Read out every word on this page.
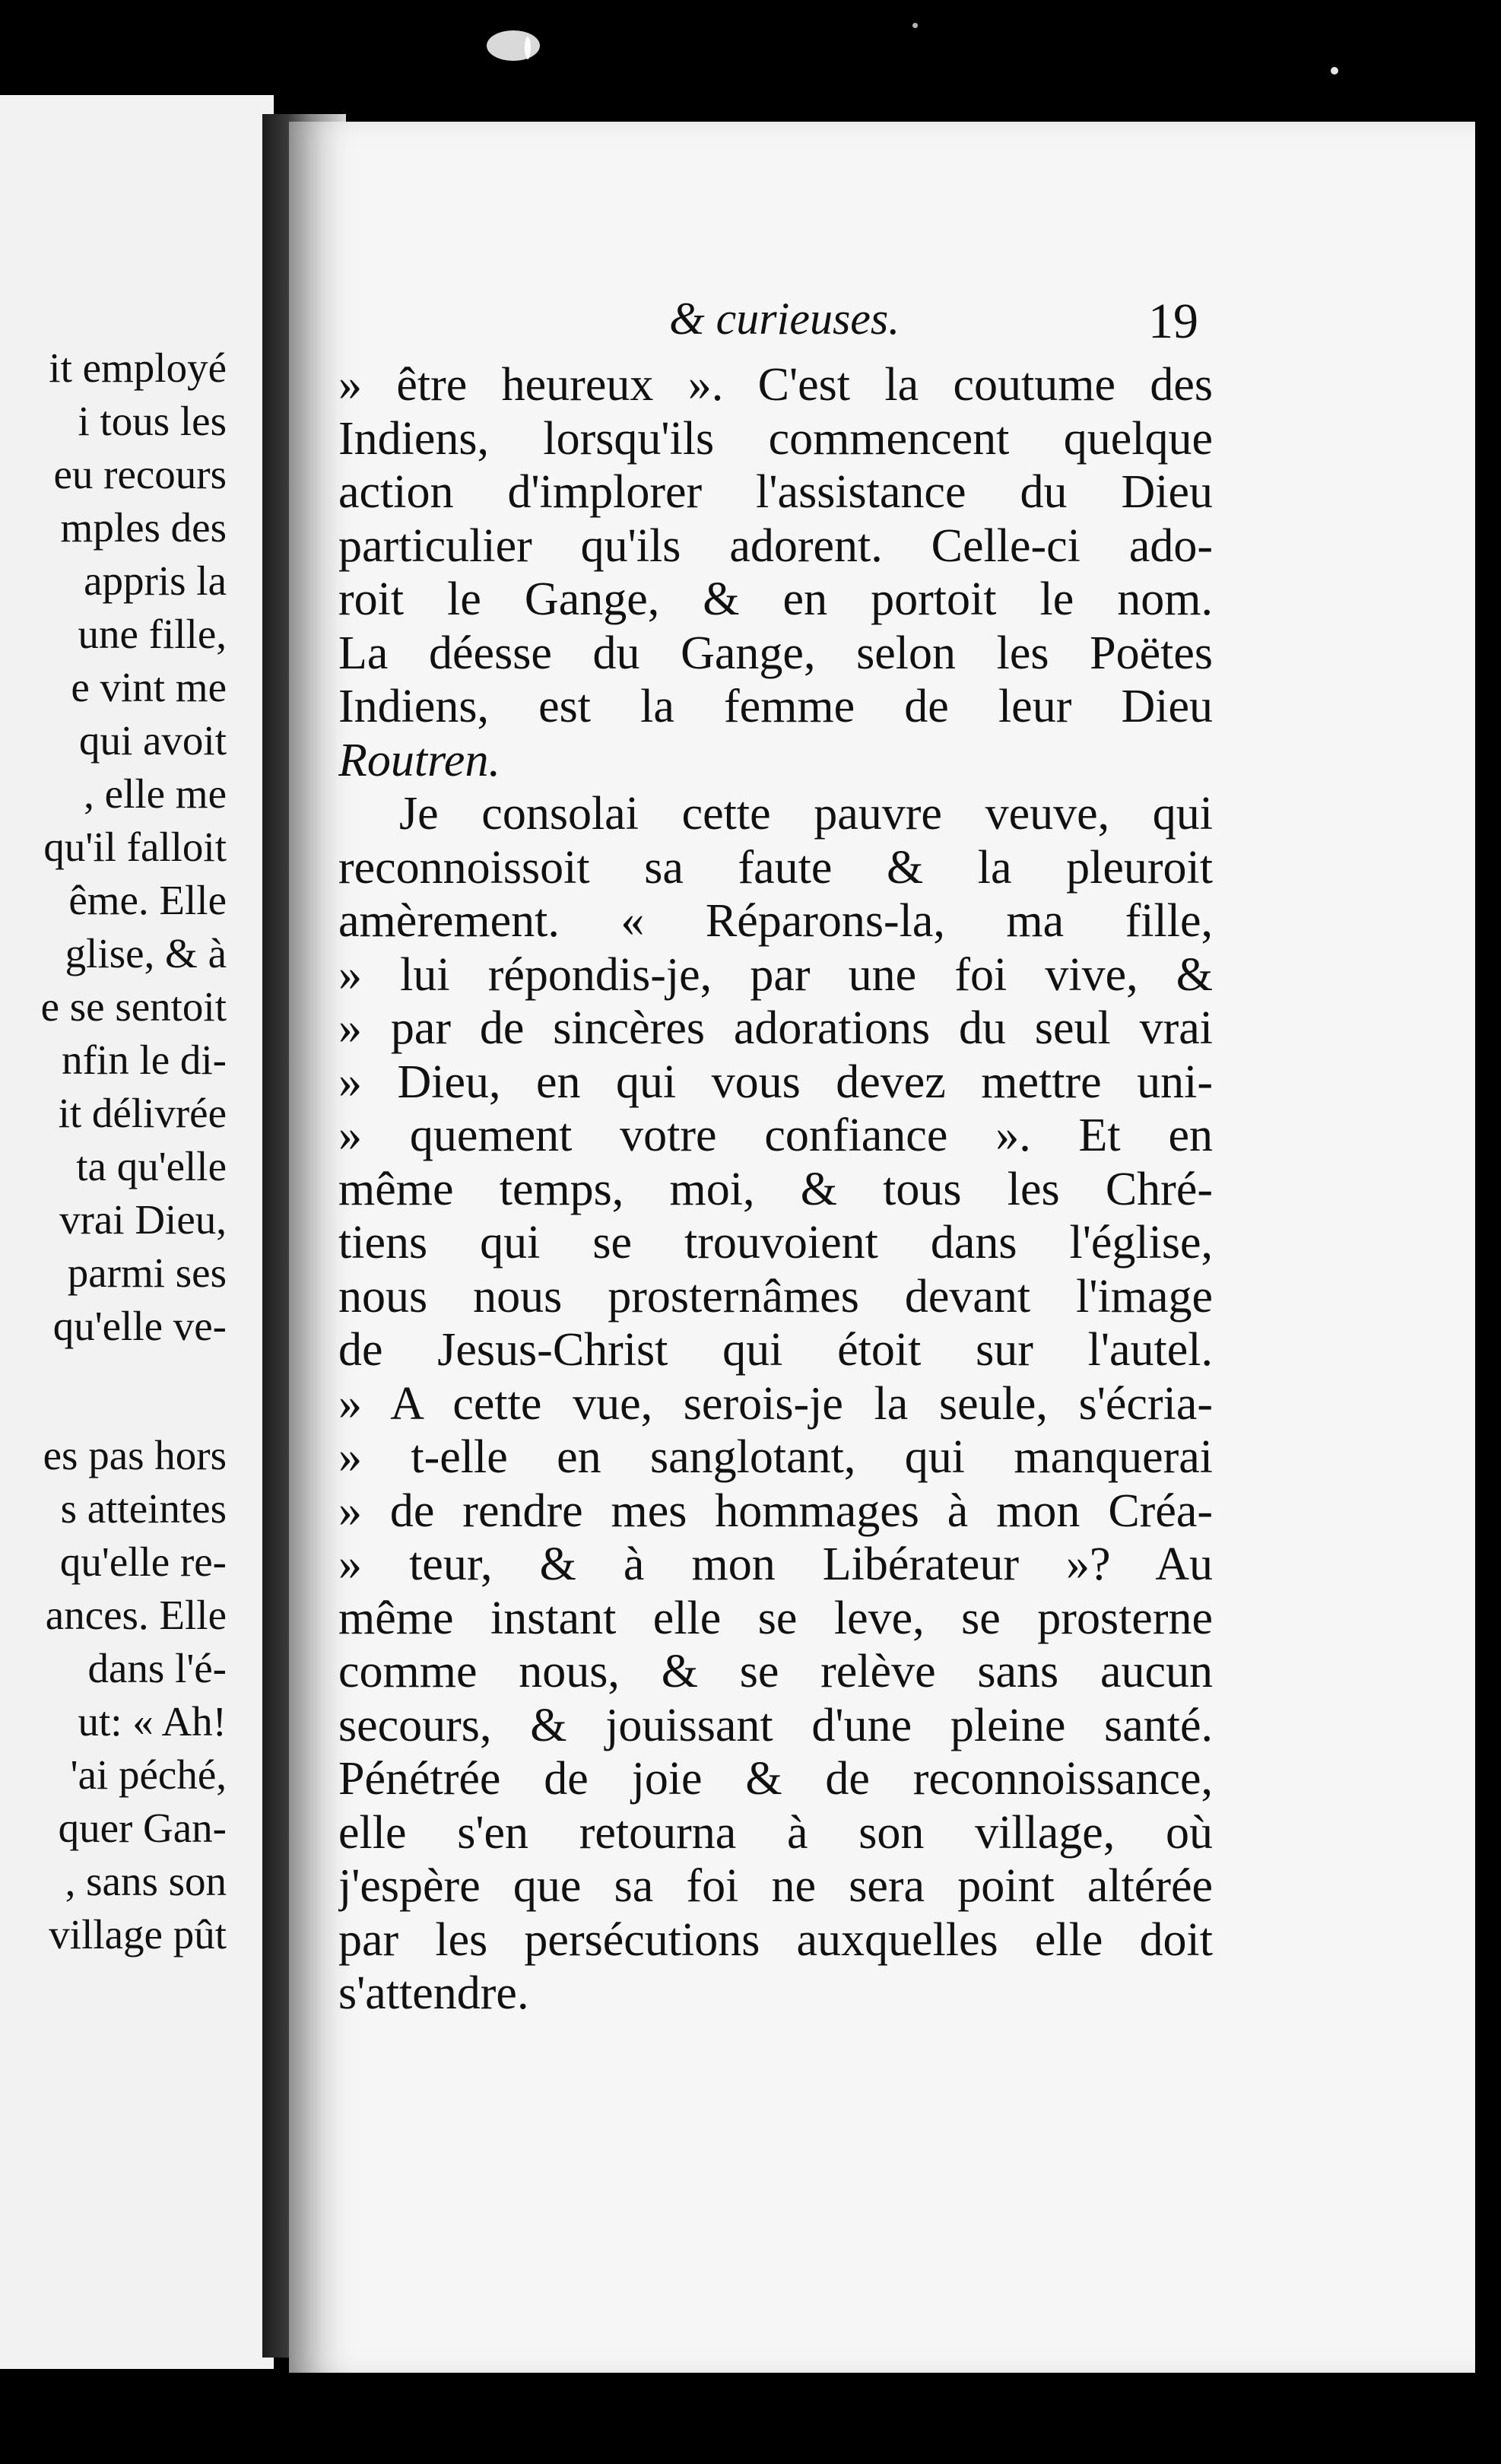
it employé
i tous les
eu recours
mples des
appris la
une fille,
e vint me
qui avoit
, elle me
qu'il falloit
ême. Elle
glise, & à
e se sentoit
nfin le di-
it délivrée
ta qu'elle
vrai Dieu,
parmi ses
qu'elle ve-
es pas hors
s atteintes
qu'elle re-
ances. Elle
dans l'é-
ut: « Ah!
'ai péché,
quer Gan-
, sans son
village pût
& curieuses.	19
» être heureux ». C'est la coutume des
Indiens, lorsqu'ils commencent quelque
action d'implorer l'assistance du Dieu
particulier qu'ils adorent. Celle-ci ado-
roit le Gange, & en portoit le nom.
La déesse du Gange, selon les Poëtes
Indiens, est la femme de leur Dieu
Routren.
Je consolai cette pauvre veuve, qui
reconnoissoit sa faute & la pleuroit
amèrement. « Réparons-la, ma fille,
» lui répondis-je, par une foi vive, &
» par de sincères adorations du seul vrai
» Dieu, en qui vous devez mettre uni-
» quement votre confiance ». Et en
même temps, moi, & tous les Chré-
tiens qui se trouvoient dans l'église,
nous nous prosternâmes devant l'image
de Jesus-Christ qui étoit sur l'autel.
» A cette vue, serois-je la seule, s'écria-
» t-elle en sanglotant, qui manquerai
» de rendre mes hommages à mon Créa-
» teur, & à mon Libérateur »? Au
même instant elle se leve, se prosterne
comme nous, & se relève sans aucun
secours, & jouissant d'une pleine santé.
Pénétrée de joie & de reconnoissance,
elle s'en retourna à son village, où
j'espère que sa foi ne sera point altérée
par les persécutions auxquelles elle doit
s'attendre.
